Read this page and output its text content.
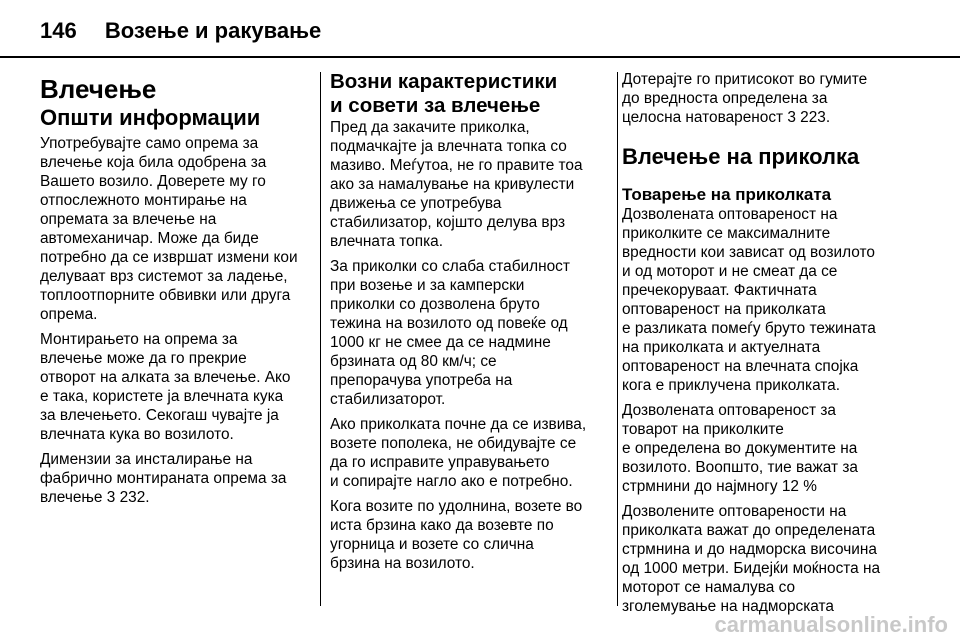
146 Возење и ракување
Влечење
Општи информации
Употребувајте само опрема за
влечење која била одобрена за
Вашето возило. Доверете му го
отпослежното монтирање на
опремата за влечење на
автомеханичар. Може да биде
потребно да се извршат измени кои
делуваат врз системот за ладење,
топлоотпорните обвивки или друга
опрема.
Монтирањето на опрема за
влечење може да го прекрие
отворот на алката за влечење. Ако
е така, користете ја влечната кука
за влечењето. Секогаш чувајте ја
влечната кука во возилото.
Димензии за инсталирање на
фабрично монтираната опрема за
влечење 3 232.
Возни карактеристики
и совети за влечење
Пред да закачите приколка,
подмачкајте ја влечната топка со
мазиво. Меѓутоа, не го правите тоа
ако за намалување на кривулести
движења се употребува
стабилизатор, којшто делува врз
влечната топка.
За приколки со слаба стабилност
при возење и за камперски
приколки со дозволена бруто
тежина на возилото од повеќе од
1000 кг не смее да се надмине
брзината од 80 км/ч; се
препорачува употреба на
стабилизаторот.
Ако приколката почне да се извива,
возете пополека, не обидувајте се
да го исправите управувањето
и сопирајте нагло ако е потребно.
Кога возите по удолнина, возете во
иста брзина како да возевте по
угорница и возете со слична
брзина на возилото.
Дотерајте го притисокот во гумите
до вредноста определена за
целосна натовареност 3 223.
Влечење на приколка
Товарење на приколката
Дозволената оптовареност на
приколките се максималните
вредности кои зависат од возилото
и од моторот и не смеат да се
пречекоруваат. Фактичната
оптовареност на приколката
е разликата помеѓу бруто тежината
на приколката и актуелната
оптовареност на влечната спојка
кога е приклучена приколката.
Дозволената оптовареност за
товарот на приколките
е определена во документите на
возилото. Воопшто, тие важат за
стрмнини до најмногу 12 %
Дозволените оптоварености на
приколката важат до определената
стрмнина и до надморска височина
од 1000 метри. Бидејќи моќноста на
моторот се намалува со
зголемување на надморската
carmanualsonline.info
